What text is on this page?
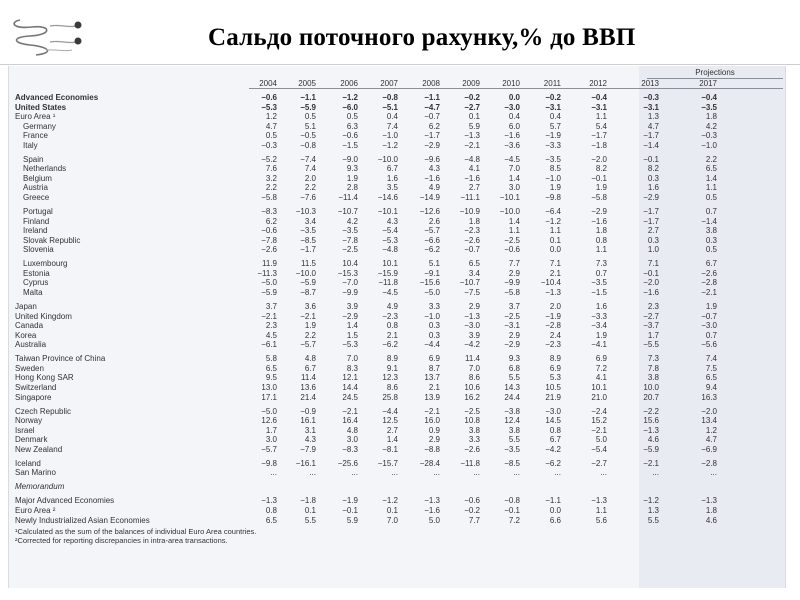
Сальдо поточного рахунку,% до ВВП
Projections
2004	2005	2006	2007	2008	2009	2010	2011	2012	2013	2017
Advanced Economies	−0.6	−1.1	−1.2	−0.8	−1.1	−0.2	0.0	−0.2	−0.4	−0.3	−0.4
United States	−5.3	−5.9	−6.0	−5.1	−4.7	−2.7	−3.0	−3.1	−3.1	−3.1	−3.5
Euro Area ¹	1.2	0.5	0.5	0.4	−0.7	0.1	0.4	0.4	1.1	1.3	1.8
Germany	4.7	5.1	6.3	7.4	6.2	5.9	6.0	5.7	5.4	4.7	4.2
France	0.5	−0.5	−0.6	−1.0	−1.7	−1.3	−1.6	−1.9	−1.7	−1.7	−0.3
Italy	−0.3	−0.8	−1.5	−1.2	−2.9	−2.1	−3.6	−3.3	−1.8	−1.4	−1.0
Spain	−5.2	−7.4	−9.0	−10.0	−9.6	−4.8	−4.5	−3.5	−2.0	−0.1	2.2
Netherlands	7.6	7.4	9.3	6.7	4.3	4.1	7.0	8.5	8.2	8.2	6.5
Belgium	3.2	2.0	1.9	1.6	−1.6	−1.6	1.4	−1.0	−0.1	0.3	1.4
Austria	2.2	2.2	2.8	3.5	4.9	2.7	3.0	1.9	1.9	1.6	1.1
Greece	−5.8	−7.6	−11.4	−14.6	−14.9	−11.1	−10.1	−9.8	−5.8	−2.9	0.5
Portugal	−8.3	−10.3	−10.7	−10.1	−12.6	−10.9	−10.0	−6.4	−2.9	−1.7	0.7
Finland	6.2	3.4	4.2	4.3	2.6	1.8	1.4	−1.2	−1.6	−1.7	−1.4
Ireland	−0.6	−3.5	−3.5	−5.4	−5.7	−2.3	1.1	1.1	1.8	2.7	3.8
Slovak Republic	−7.8	−8.5	−7.8	−5.3	−6.6	−2.6	−2.5	0.1	0.8	0.3	0.3
Slovenia	−2.6	−1.7	−2.5	−4.8	−6.2	−0.7	−0.6	0.0	1.1	1.0	0.5
Luxembourg	11.9	11.5	10.4	10.1	5.1	6.5	7.7	7.1	7.3	7.1	6.7
Estonia	−11.3	−10.0	−15.3	−15.9	−9.1	3.4	2.9	2.1	0.7	−0.1	−2.6
Cyprus	−5.0	−5.9	−7.0	−11.8	−15.6	−10.7	−9.9	−10.4	−3.5	−2.0	−2.8
Malta	−5.9	−8.7	−9.9	−4.5	−5.0	−7.5	−5.8	−1.3	−1.5	−1.6	−2.1
Japan	3.7	3.6	3.9	4.9	3.3	2.9	3.7	2.0	1.6	2.3	1.9
United Kingdom	−2.1	−2.1	−2.9	−2.3	−1.0	−1.3	−2.5	−1.9	−3.3	−2.7	−0.7
Canada	2.3	1.9	1.4	0.8	0.3	−3.0	−3.1	−2.8	−3.4	−3.7	−3.0
Korea	4.5	2.2	1.5	2.1	0.3	3.9	2.9	2.4	1.9	1.7	0.7
Australia	−6.1	−5.7	−5.3	−6.2	−4.4	−4.2	−2.9	−2.3	−4.1	−5.5	−5.6
Taiwan Province of China	5.8	4.8	7.0	8.9	6.9	11.4	9.3	8.9	6.9	7.3	7.4
Sweden	6.5	6.7	8.3	9.1	8.7	7.0	6.8	6.9	7.2	7.8	7.5
Hong Kong SAR	9.5	11.4	12.1	12.3	13.7	8.6	5.5	5.3	4.1	3.8	6.5
Switzerland	13.0	13.6	14.4	8.6	2.1	10.6	14.3	10.5	10.1	10.0	9.4
Singapore	17.1	21.4	24.5	25.8	13.9	16.2	24.4	21.9	21.0	20.7	16.3
Czech Republic	−5.0	−0.9	−2.1	−4.4	−2.1	−2.5	−3.8	−3.0	−2.4	−2.2	−2.0
Norway	12.6	16.1	16.4	12.5	16.0	10.8	12.4	14.5	15.2	15.6	13.4
Israel	1.7	3.1	4.8	2.7	0.9	3.8	3.8	0.8	−2.1	−1.3	1.2
Denmark	3.0	4.3	3.0	1.4	2.9	3.3	5.5	6.7	5.0	4.6	4.7
New Zealand	−5.7	−7.9	−8.3	−8.1	−8.8	−2.6	−3.5	−4.2	−5.4	−5.9	−6.9
Iceland	−9.8	−16.1	−25.6	−15.7	−28.4	−11.8	−8.5	−6.2	−2.7	−2.1	−2.8
San Marino	...	...	...	...	...	...	...	...	...	...	...
Memorandum
Major Advanced Economies	−1.3	−1.8	−1.9	−1.2	−1.3	−0.6	−0.8	−1.1	−1.3	−1.2	−1.3
Euro Area ²	0.8	0.1	−0.1	0.1	−1.6	−0.2	−0.1	0.0	1.1	1.3	1.8
Newly Industrialized Asian Economies	6.5	5.5	5.9	7.0	5.0	7.7	7.2	6.6	5.6	5.5	4.6
¹Calculated as the sum of the balances of individual Euro Area countries.
²Corrected for reporting discrepancies in intra-area transactions.
